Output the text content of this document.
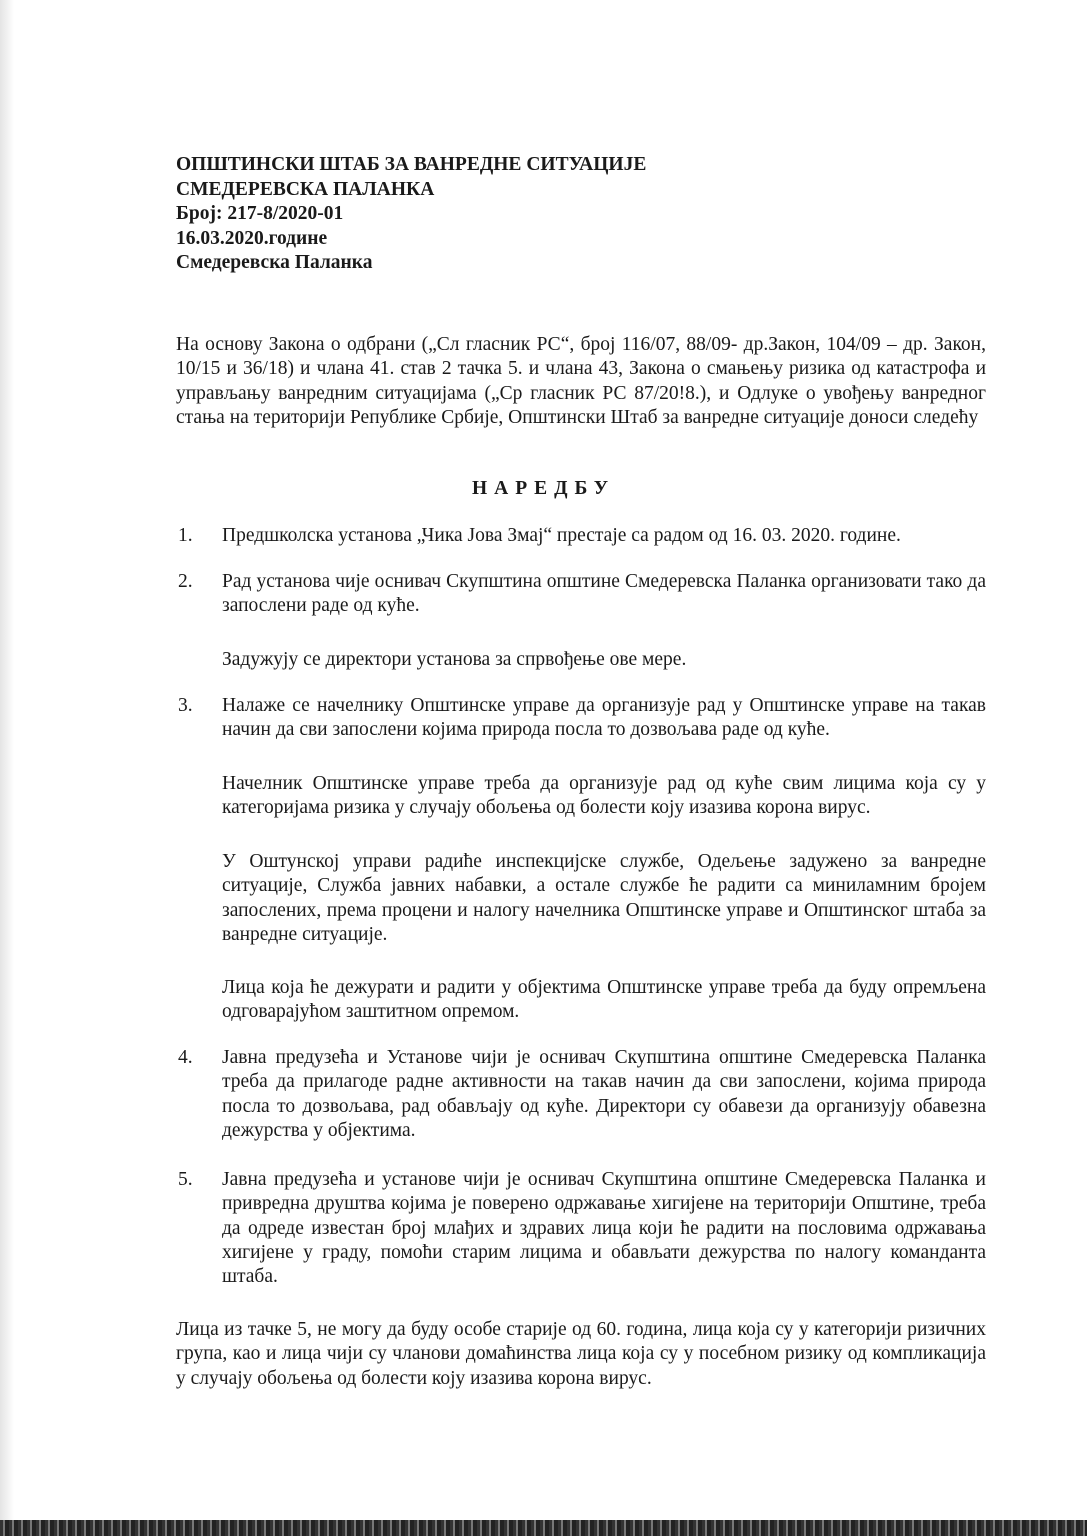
ОПШТИНСКИ ШТАБ ЗА ВАНРЕДНЕ СИТУАЦИЈЕ
СМЕДЕРЕВСКА ПАЛАНКА
Број: 217-8/2020-01
16.03.2020.године
Смедеревска Паланка
На основу Закона о одбрани („Сл гласник РС“, број 116/07, 88/09- др.Закон, 104/09 – др. Закон, 10/15 и 36/18) и члана 41. став 2 тачка 5. и члана 43, Закона о смањењу ризика од катастрофа и управљању ванредним ситуацијама („Ср гласник РС 87/20!8.), и Одлуке о увођењу ванредног стања на територији Републике Србије, Општински Штаб за ванредне ситуације доноси следећу
НАРЕДБУ
1. Предшколска установа „Чика Јова Змај“ престаје са радом од 16. 03. 2020. године.
2. Рад установа чије оснивач Скупштина општине Смедеревска Паланка организовати тако да запослени раде од куће.
Задужују се директори установа за спрвођење ове мере.
3. Налаже се начелнику Општинске управе да организује рад у Општинске управе на такав начин да сви запослени којима природа посла то дозвољава раде од куће.
Начелник Општинске управе треба да организује рад од куће свим лицима која су у категоријама ризика у случају обољења од болести коју изазива корона вирус.
У Оштунској управи радиће инспекцијске службе, Одељење задужено за ванредне ситуације, Служба јавних набавки, а остале службе ће радити са миниламним бројем запослених, према процени и налогу начелника Општинске управе и Општинског штаба за ванредне ситуације.
Лица која ће дежурати и радити у објектима Општинске управе треба да буду опремљена одговарајућом заштитном опремом.
4. Јавна предузећа и Установе чији је оснивач Скупштина општине Смедеревска Паланка треба да прилагоде радне активности на такав начин да сви запослени, којима природа посла то дозвољава, рад обављају од куће. Директори су обавези да организују обавезна дежурства у објектима.
5. Јавна предузећа и установе чији је оснивач Скупштина општине Смедеревска Паланка и привредна друштва којима је поверено одржавање хигијене на територији Општине, треба да одреде известан број млађих и здравих лица који ће радити на пословима одржавања хигијене у граду, помоћи старим лицима и обављати дежурства по налогу команданта штаба.
Лица из тачке 5, не могу да буду особе старије од 60. година, лица која су у категорији ризичних група, као и лица чији су чланови домаћинства лица која су у посебном ризику од компликација у случају обољења од болести коју изазива корона вирус.
